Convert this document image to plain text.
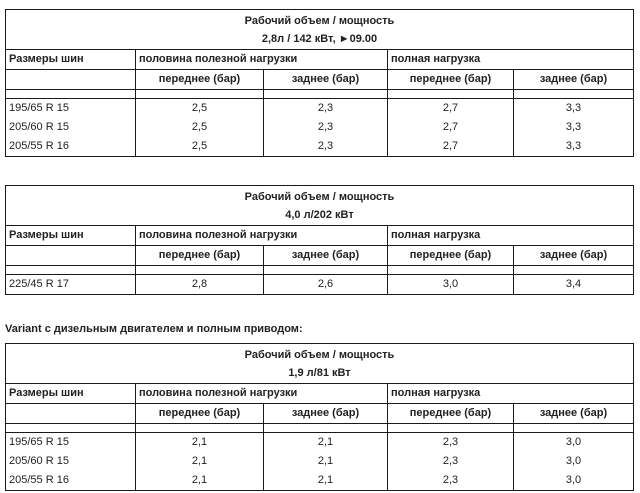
Рабочий объем / мощность
2,8л / 142 кВт, ►09.00
Размеры шин	половина полезной нагрузки	полная нагрузка
переднее (бар)	заднее (бар)	переднее (бар)	заднее (бар)
195/65 R 15	2,5	2,3	2,7	3,3
205/60 R 15	2,5	2,3	2,7	3,3
205/55 R 16	2,5	2,3	2,7	3,3
Рабочий объем / мощность
4,0 л/202 кВт
Размеры шин	половина полезной нагрузки	полная нагрузка
переднее (бар)	заднее (бар)	переднее (бар)	заднее (бар)
225/45 R 17	2,8	2,6	3,0	3,4
Variant с дизельным двигателем и полным приводом:
Рабочий объем / мощность
1,9 л/81 кВт
Размеры шин	половина полезной нагрузки	полная нагрузка
переднее (бар)	заднее (бар)	переднее (бар)	заднее (бар)
195/65 R 15	2,1	2,1	2,3	3,0
205/60 R 15	2,1	2,1	2,3	3,0
205/55 R 16	2,1	2,1	2,3	3,0
